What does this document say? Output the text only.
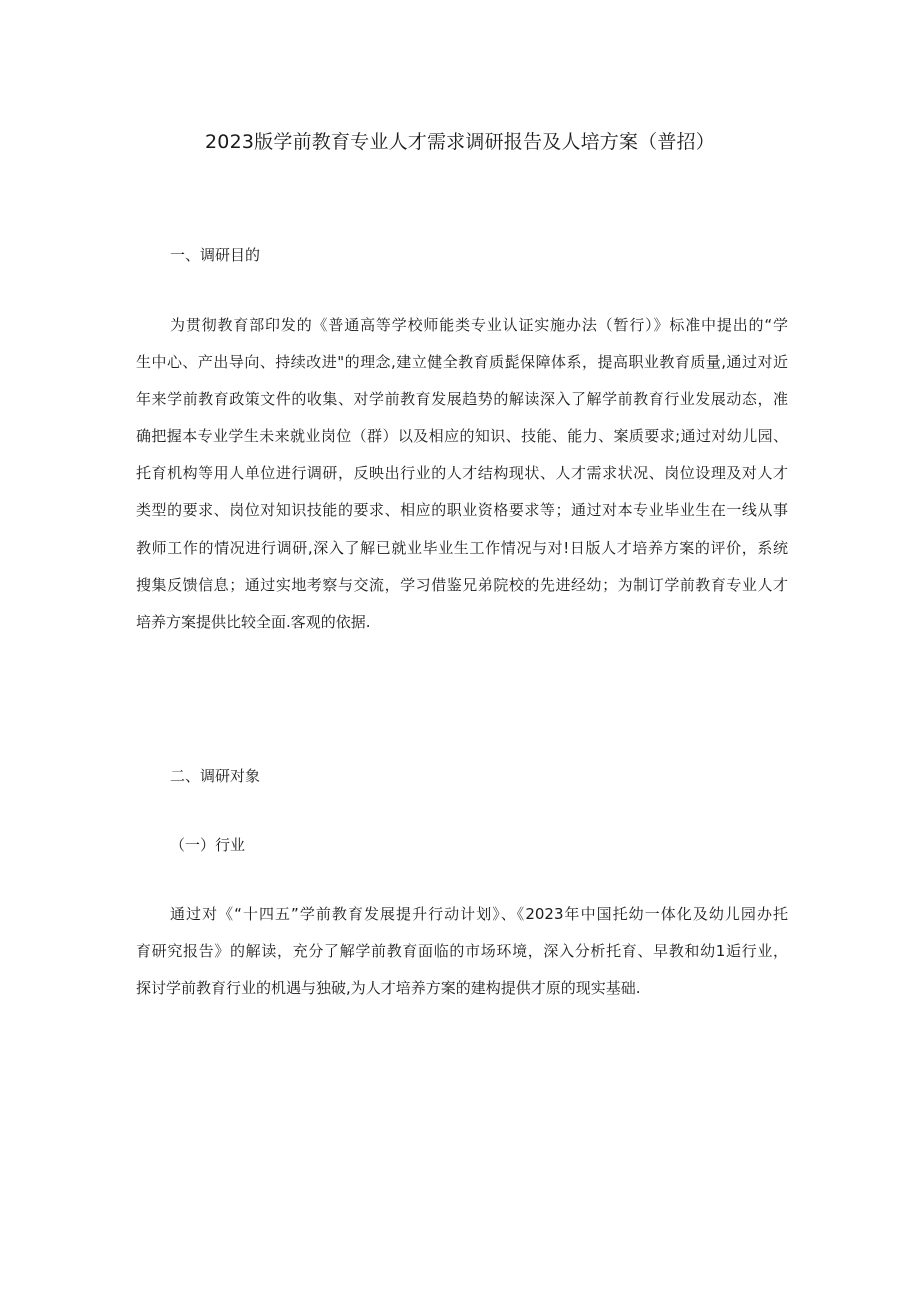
2023版学前教育专业人才需求调研报告及人培方案（普招）
一、调研目的
为贯彻教育部印发的《普通高等学校师能类专业认证实施办法（暂行）》标准中提出的“学
生中心、产出导向、持续改进"的理念,建立健全教育质髭保障体系，提高职业教育质量,通过对近
年来学前教育政策文件的收集、对学前教育发展趋势的解读深入了解学前教育行业发展动态，准
确把握本专业学生未来就业岗位（群）以及相应的知识、技能、能力、案质要求;通过对幼儿园、
托育机构等用人单位进行调研，反映出行业的人才结构现状、人才需求状况、岗位设理及对人才
类型的要求、岗位对知识技能的要求、相应的职业资格要求等；通过对本专业毕业生在一线从事
教师工作的情况进行调研,深入了解已就业毕业生工作情况与对!日版人才培养方案的评价，系统
搜集反馈信息；通过实地考察与交流，学习借鉴兄弟院校的先进经幼；为制订学前教育专业人才
培养方案提供比较全面.客观的依据.
二、调研对象
（一）行业
通过对《“十四五”学前教育发展提升行动计划》、《2023年中国托幼一体化及幼儿园办托
育研究报告》的解读，充分了解学前教育面临的市场环境，深入分析托育、早教和幼1逅行业，
探讨学前教育行业的机遇与独破,为人才培养方案的建构提供才原的现实基础.
